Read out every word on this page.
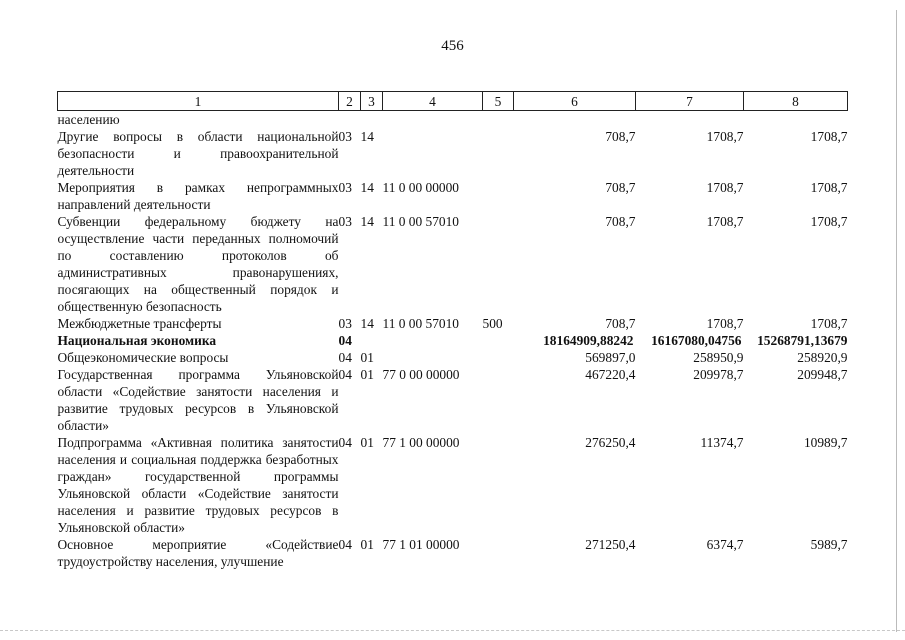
456
1	2	3	4	5	6	7	8
населению							
Другие вопросы в области национальной безопасности и правоохранительной деятельности	03	14			708,7	1708,7	1708,7
Мероприятия в рамках непрограммных направлений деятельности	03	14	11 0 00 00000		708,7	1708,7	1708,7
Субвенции федеральному бюджету на осуществление части переданных полномочий по составлению протоколов об административных правонарушениях, посягающих на общественный порядок и общественную безопасность	03	14	11 0 00 57010		708,7	1708,7	1708,7
Межбюджетные трансферты	03	14	11 0 00 57010	500	708,7	1708,7	1708,7
Национальная экономика	04				18164909,88242	16167080,04756	15268791,13679
Общеэкономические вопросы	04	01			569897,0	258950,9	258920,9
Государственная программа Ульяновской области «Содействие занятости населения и развитие трудовых ресурсов в Ульяновской области»	04	01	77 0 00 00000		467220,4	209978,7	209948,7
Подпрограмма «Активная политика занятости населения и социальная поддержка безработных граждан» государственной программы Ульяновской области «Содействие занятости населения и развитие трудовых ресурсов в Ульяновской области»	04	01	77 1 00 00000		276250,4	11374,7	10989,7
Основное мероприятие «Содействие трудоустройству населения, улучшение	04	01	77 1 01 00000		271250,4	6374,7	5989,7
